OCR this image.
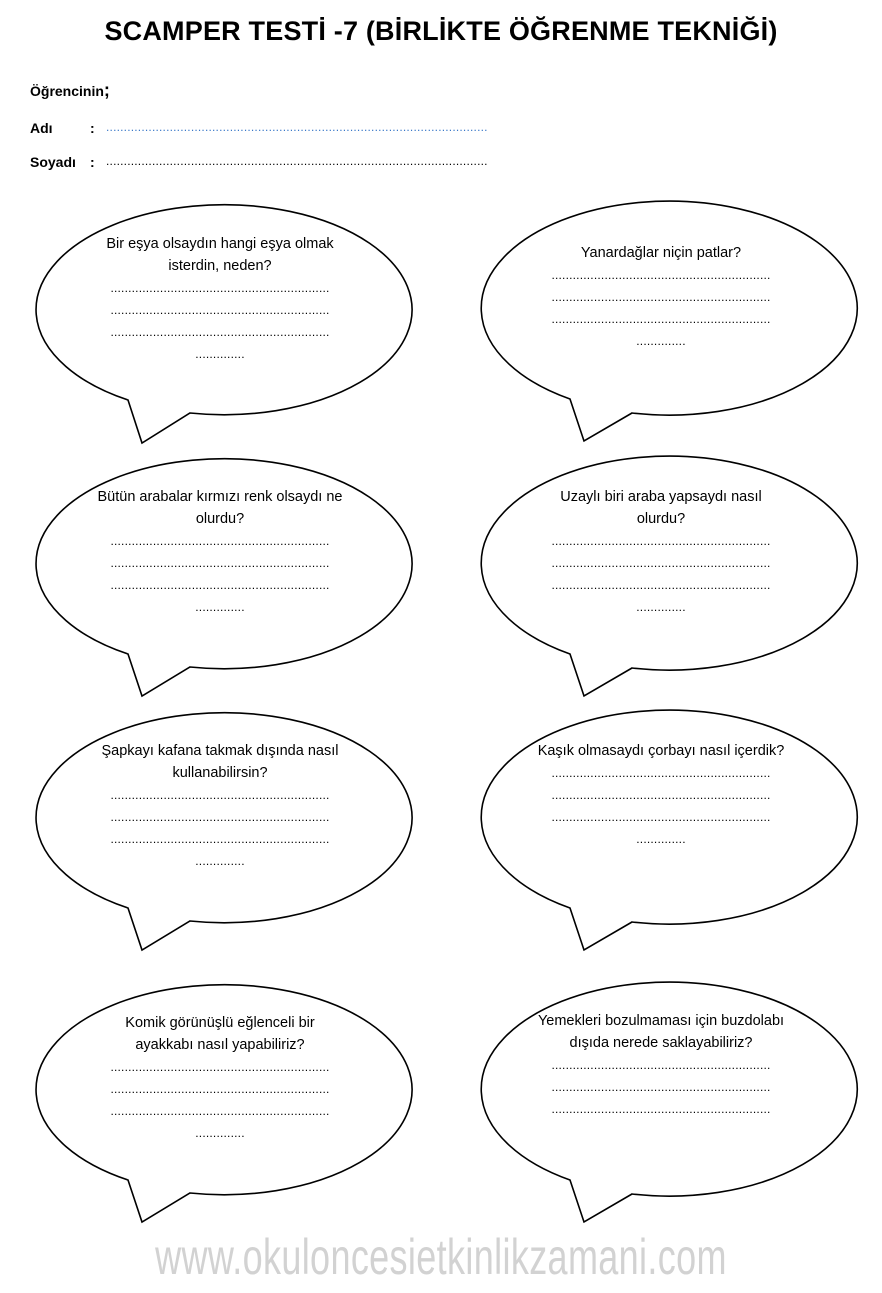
SCAMPER TESTİ -7 (BİRLİKTE ÖĞRENME TEKNİĞİ)
Öğrencinin;
Adı	: ............................................................................................................
Soyadı : ............................................................................................................
Bir eşya olsaydın hangi eşya olmak isterdin, neden?
..............................................................
..............................................................
..............................................................
..............
Yanardağlar niçin patlar?
..............................................................
..............................................................
..............................................................
..............
Bütün arabalar kırmızı renk olsaydı ne olurdu?
..............................................................
..............................................................
..............................................................
..............
Uzaylı biri araba yapsaydı nasıl olurdu?
..............................................................
..............................................................
..............................................................
..............
Şapkayı kafana takmak dışında nasıl kullanabilirsin?
..............................................................
..............................................................
..............................................................
..............
Kaşık olmasaydı çorbayı nasıl içerdik?
..............................................................
..............................................................
..............................................................
..............
Komik görünüşlü eğlenceli bir ayakkabı nasıl yapabiliriz?
..............................................................
..............................................................
..............................................................
..............
Yemekleri bozulmaması için buzdolabı dışıda nerede saklayabiliriz?
..............................................................
..............................................................
..............................................................
www.okuloncesietkinlikzamani.com
